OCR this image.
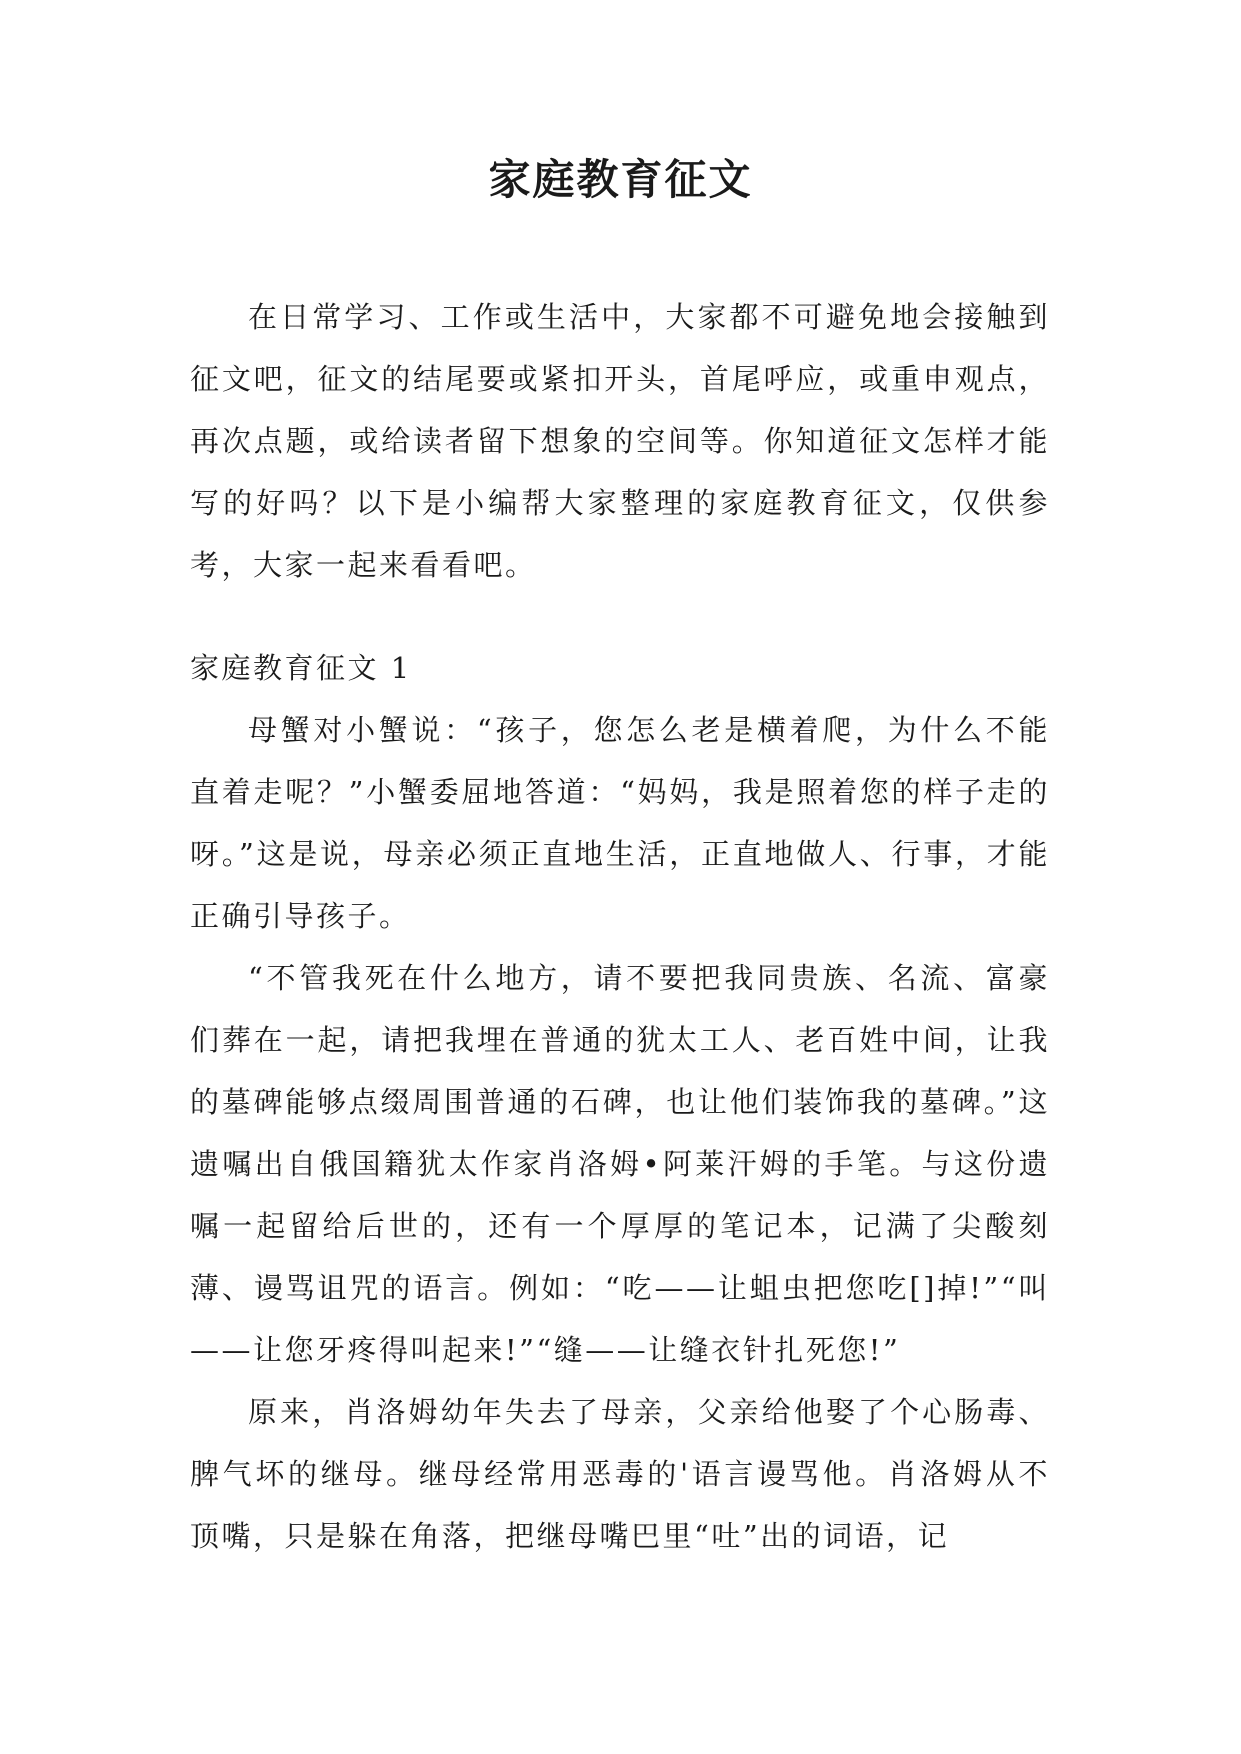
家庭教育征文

在日常学习、工作或生活中，大家都不可避免地会接触到征文吧，征文的结尾要或紧扣开头，首尾呼应，或重申观点，再次点题，或给读者留下想象的空间等。你知道征文怎样才能写的好吗？以下是小编帮大家整理的家庭教育征文，仅供参考，大家一起来看看吧。

家庭教育征文 1

母蟹对小蟹说：“孩子，您怎么老是横着爬，为什么不能直着走呢？”小蟹委屈地答道：“妈妈，我是照着您的样子走的呀。”这是说，母亲必须正直地生活，正直地做人、行事，才能正确引导孩子。

“不管我死在什么地方，请不要把我同贵族、名流、富豪们葬在一起，请把我埋在普通的犹太工人、老百姓中间，让我的墓碑能够点缀周围普通的石碑，也让他们装饰我的墓碑。”这遗嘱出自俄国籍犹太作家肖洛姆•阿莱汗姆的手笔。与这份遗嘱一起留给后世的，还有一个厚厚的笔记本，记满了尖酸刻薄、谩骂诅咒的语言。例如：“吃——让蛆虫把您吃[]掉!”“叫——让您牙疼得叫起来!”“缝——让缝衣针扎死您!”

原来，肖洛姆幼年失去了母亲，父亲给他娶了个心肠毒、脾气坏的继母。继母经常用恶毒的'语言谩骂他。肖洛姆从不顶嘴，只是躲在角落，把继母嘴巴里“吐”出的词语，记
